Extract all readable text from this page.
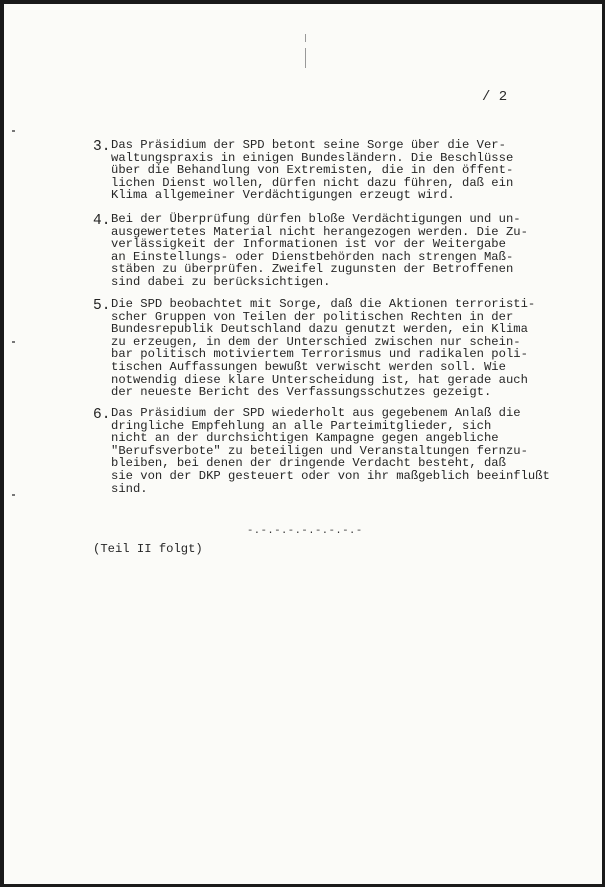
/ 2
3. Das Präsidium der SPD betont seine Sorge über die Ver-
waltungspraxis in einigen Bundesländern. Die Beschlüsse
über die Behandlung von Extremisten, die in den öffent-
lichen Dienst wollen, dürfen nicht dazu führen, daß ein
Klima allgemeiner Verdächtigungen erzeugt wird.
4. Bei der Überprüfung dürfen bloße Verdächtigungen und un-
ausgewertetes Material nicht herangezogen werden. Die Zu-
verlässigkeit der Informationen ist vor der Weitergabe
an Einstellungs- oder Dienstbehörden nach strengen Maß-
stäben zu überprüfen. Zweifel zugunsten der Betroffenen
sind dabei zu berücksichtigen.
5. Die SPD beobachtet mit Sorge, daß die Aktionen terroristi-
scher Gruppen von Teilen der politischen Rechten in der
Bundesrepublik Deutschland dazu genutzt werden, ein Klima
zu erzeugen, in dem der Unterschied zwischen nur schein-
bar politisch motiviertem Terrorismus und radikalen poli-
tischen Auffassungen bewußt verwischt werden soll. Wie
notwendig diese klare Unterscheidung ist, hat gerade auch
der neueste Bericht des Verfassungsschutzes gezeigt.
6. Das Präsidium der SPD wiederholt aus gegebenem Anlaß die
dringliche Empfehlung an alle Parteimitglieder, sich
nicht an der durchsichtigen Kampagne gegen angebliche
"Berufsverbote" zu beteiligen und Veranstaltungen fernzu-
bleiben, bei denen der dringende Verdacht besteht, daß
sie von der DKP gesteuert oder von ihr maßgeblich beeinflußt
sind.
-.-.-.-.-.-.-.-.-
(Teil II folgt)
